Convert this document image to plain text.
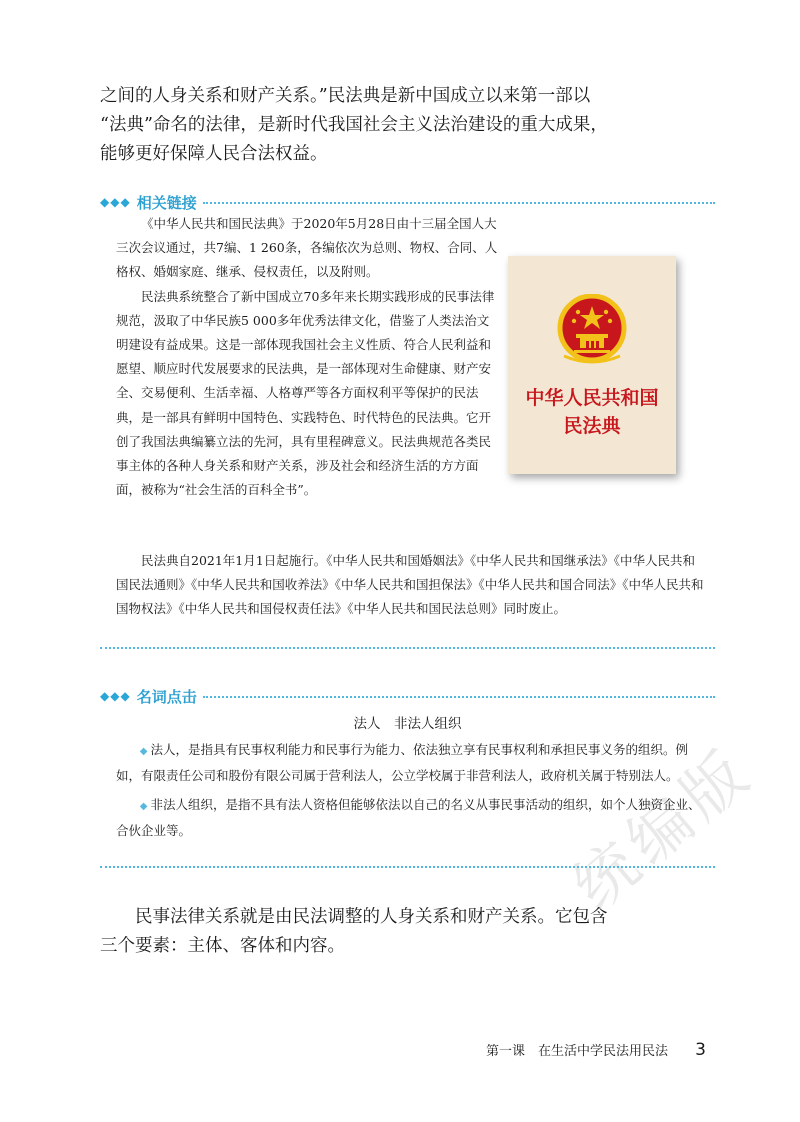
统编版

之间的人身关系和财产关系。”民法典是新中国成立以来第一部以

“法典”命名的法律，是新时代我国社会主义法治建设的重大成果，

能够更好保障人民合法权益。

◆◆◆ 相关链接

《中华人民共和国民法典》于2020年5月28日由十三届全国人大三次会议通过，共7编、1 260条，各编依次为总则、物权、合同、人格权、婚姻家庭、继承、侵权责任，以及附则。

民法典系统整合了新中国成立70多年来长期实践形成的民事法律规范，汲取了中华民族5 000多年优秀法律文化，借鉴了人类法治文明建设有益成果。这是一部体现我国社会主义性质、符合人民利益和愿望、顺应时代发展要求的民法典，是一部体现对生命健康、财产安全、交易便利、生活幸福、人格尊严等各方面权利平等保护的民法典，是一部具有鲜明中国特色、实践特色、时代特色的民法典。它开创了我国法典编纂立法的先河，具有里程碑意义。民法典规范各类民事主体的各种人身关系和财产关系，涉及社会和经济生活的方方面面，被称为“社会生活的百科全书”。

中华人民共和国
民法典

民法典自2021年1月1日起施行。《中华人民共和国婚姻法》《中华人民共和国继承法》《中华人民共和国民法通则》《中华人民共和国收养法》《中华人民共和国担保法》《中华人民共和国合同法》《中华人民共和国物权法》《中华人民共和国侵权责任法》《中华人民共和国民法总则》同时废止。

◆◆◆ 名词点击
法人　非法人组织

◆ 法人，是指具有民事权利能力和民事行为能力、依法独立享有民事权利和承担民事义务的组织。例如，有限责任公司和股份有限公司属于营利法人，公立学校属于非营利法人，政府机关属于特别法人。

◆ 非法人组织，是指不具有法人资格但能够依法以自己的名义从事民事活动的组织，如个人独资企业、合伙企业等。

民事法律关系就是由民法调整的人身关系和财产关系。它包含

三个要素：主体、客体和内容。

第一课　在生活中学民法用民法 3
